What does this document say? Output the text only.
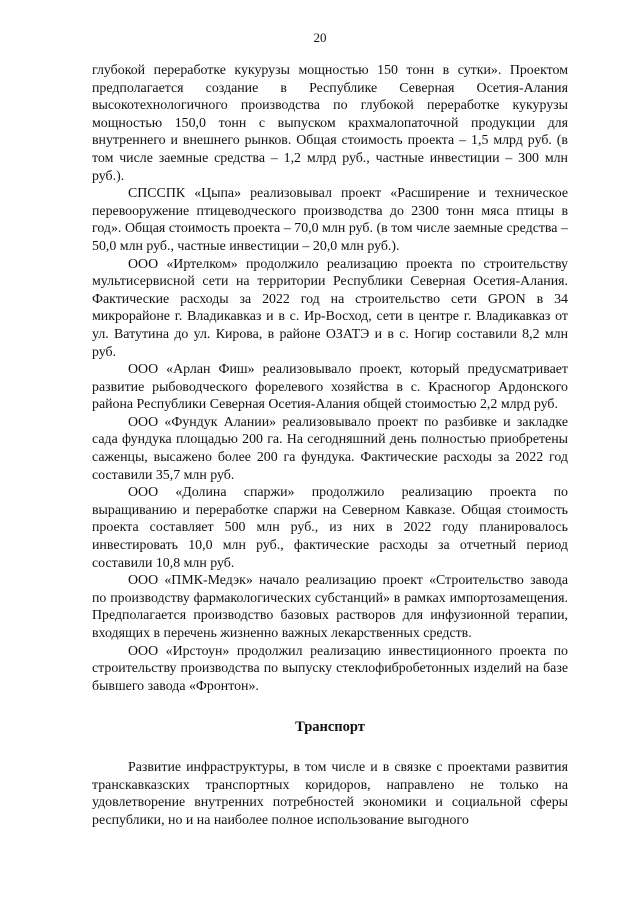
20

глубокой переработке кукурузы мощностью 150 тонн в сутки». Проектом предполагается создание в Республике Северная Осетия-Алания высокотехнологичного производства по глубокой переработке кукурузы мощностью 150,0 тонн с выпуском крахмалопаточной продукции для внутреннего и внешнего рынков. Общая стоимость проекта – 1,5 млрд руб. (в том числе заемные средства – 1,2 млрд руб., частные инвестиции – 300 млн руб.).

СПССПК «Цыпа» реализовывал проект «Расширение и техническое перевооружение птицеводческого производства до 2300 тонн мяса птицы в год». Общая стоимость проекта – 70,0 млн руб. (в том числе заемные средства – 50,0 млн руб., частные инвестиции – 20,0 млн руб.).

ООО «Иртелком» продолжило реализацию проекта по строительству мультисервисной сети на территории Республики Северная Осетия-Алания. Фактические расходы за 2022 год на строительство сети GPON в 34 микрорайоне г. Владикавказ и в с. Ир-Восход, сети в центре г. Владикавказ от ул. Ватутина до ул. Кирова, в районе ОЗАТЭ и в с. Ногир составили 8,2 млн руб.

ООО «Арлан Фиш» реализовывало проект, который предусматривает развитие рыбоводческого форелевого хозяйства в с. Красногор Ардонского района Республики Северная Осетия-Алания общей стоимостью 2,2 млрд руб.

ООО «Фундук Алании» реализовывало проект по разбивке и закладке сада фундука площадью 200 га. На сегодняшний день полностью приобретены саженцы, высажено более 200 га фундука. Фактические расходы за 2022 год составили 35,7 млн руб.

ООО «Долина спаржи» продолжило реализацию проекта по выращиванию и переработке спаржи на Северном Кавказе. Общая стоимость проекта составляет 500 млн руб., из них в 2022 году планировалось инвестировать 10,0 млн руб., фактические расходы за отчетный период составили 10,8 млн руб.

ООО «ПМК-Медэк» начало реализацию проект «Строительство завода по производству фармакологических субстанций» в рамках импортозамещения. Предполагается производство базовых растворов для инфузионной терапии, входящих в перечень жизненно важных лекарственных средств.

ООО «Ирстоун» продолжил реализацию инвестиционного проекта по строительству производства по выпуску стеклофибробетонных изделий на базе бывшего завода «Фронтон».

Транспорт

Развитие инфраструктуры, в том числе и в связке с проектами развития транскавказских транспортных коридоров, направлено не только на удовлетворение внутренних потребностей экономики и социальной сферы республики, но и на наиболее полное использование выгодного
